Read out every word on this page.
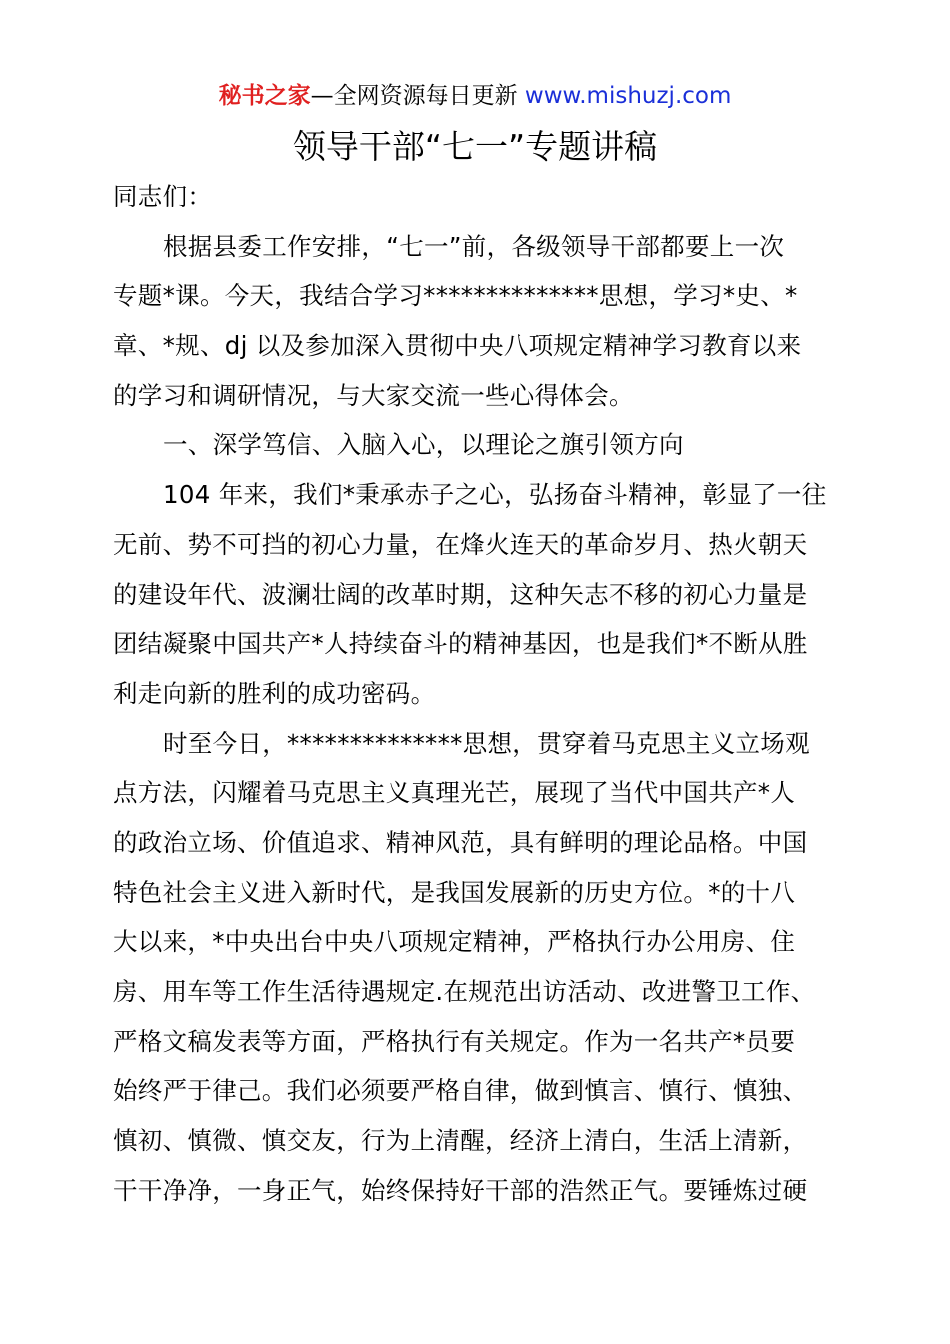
秘书之家—全网资源每日更新 www.mishuzj.com
领导干部“七一”专题讲稿
同志们：
根据县委工作安排，“七一”前，各级领导干部都要上一次
专题*课。今天，我结合学习**************思想，学习*史、*
章、*规、dj 以及参加深入贯彻中央八项规定精神学习教育以来
的学习和调研情况，与大家交流一些心得体会。
一、深学笃信、入脑入心，以理论之旗引领方向
104 年来，我们*秉承赤子之心，弘扬奋斗精神，彰显了一往
无前、势不可挡的初心力量，在烽火连天的革命岁月、热火朝天
的建设年代、波澜壮阔的改革时期，这种矢志不移的初心力量是
团结凝聚中国共产*人持续奋斗的精神基因，也是我们*不断从胜
利走向新的胜利的成功密码。
时至今日，**************思想，贯穿着马克思主义立场观
点方法，闪耀着马克思主义真理光芒，展现了当代中国共产*人
的政治立场、价值追求、精神风范，具有鲜明的理论品格。中国
特色社会主义进入新时代，是我国发展新的历史方位。*的十八
大以来，*中央出台中央八项规定精神，严格执行办公用房、住
房、用车等工作生活待遇规定.在规范出访活动、改进警卫工作、
严格文稿发表等方面，严格执行有关规定。作为一名共产*员要
始终严于律己。我们必须要严格自律，做到慎言、慎行、慎独、
慎初、慎微、慎交友，行为上清醒，经济上清白，生活上清新，
干干净净，一身正气，始终保持好干部的浩然正气。要锤炼过硬
